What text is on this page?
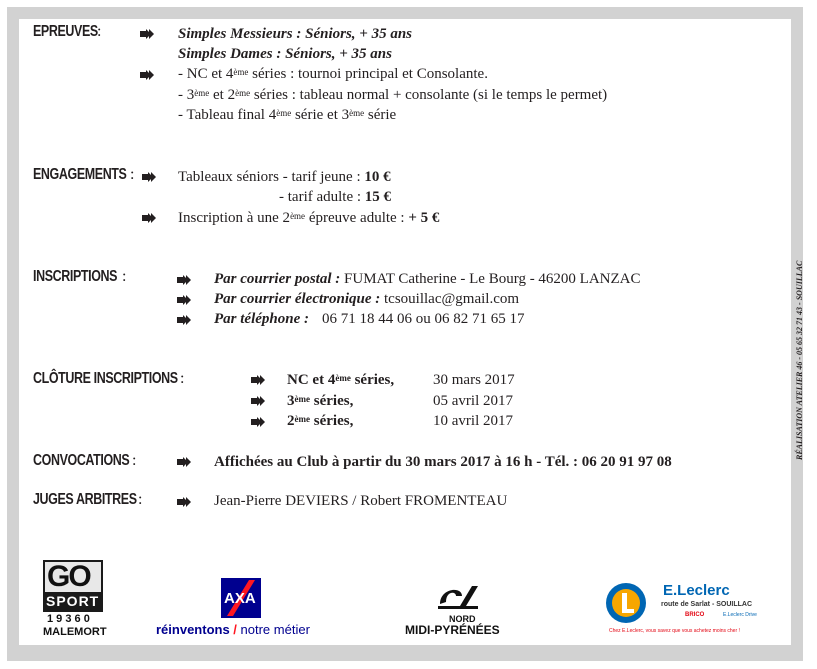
EPREUVES :	Simples Messieurs : Séniors, + 35 ans
Simples Dames : Séniors, + 35 ans
- NC et 4ème séries : tournoi principal et Consolante.
- 3ème et 2ème séries : tableau normal + consolante (si le temps le permet)
- Tableau final 4ème série et 3ème série
ENGAGEMENTS :	Tableaux séniors - tarif jeune : 10 €
- tarif adulte : 15 €
Inscription à une 2ème épreuve adulte : + 5 €
INSCRIPTIONS :	Par courrier postal : FUMAT Catherine - Le Bourg - 46200 LANZAC
Par courrier électronique : tcsouillac@gmail.com
Par téléphone : 06 71 18 44 06 ou 06 82 71 65 17
CLÔTURE INSCRIPTIONS :	NC et 4ème séries,	30 mars 2017
3ème séries,	05 avril 2017
2ème séries,	10 avril 2017
CONVOCATIONS :	Affichées au Club à partir du 30 mars 2017 à 16 h - Tél. : 06 20 91 97 08
JUGES ARBITRES :	Jean-Pierre DEVIERS / Robert FROMENTEAU
RÉALISATION ATELIER 46 - 05 65 32 71 43 - SOUILLAC
GO
SPORT
1 9 3 6 0
MALEMORT
AXA
réinventons / notre métier
NORD
MIDI-PYRÉNÉES
E.Leclerc
route de Sarlat - SOUILLAC
BRICO	E.Leclerc Drive
Chez E.Leclerc, vous savez que vous achetez moins cher !
